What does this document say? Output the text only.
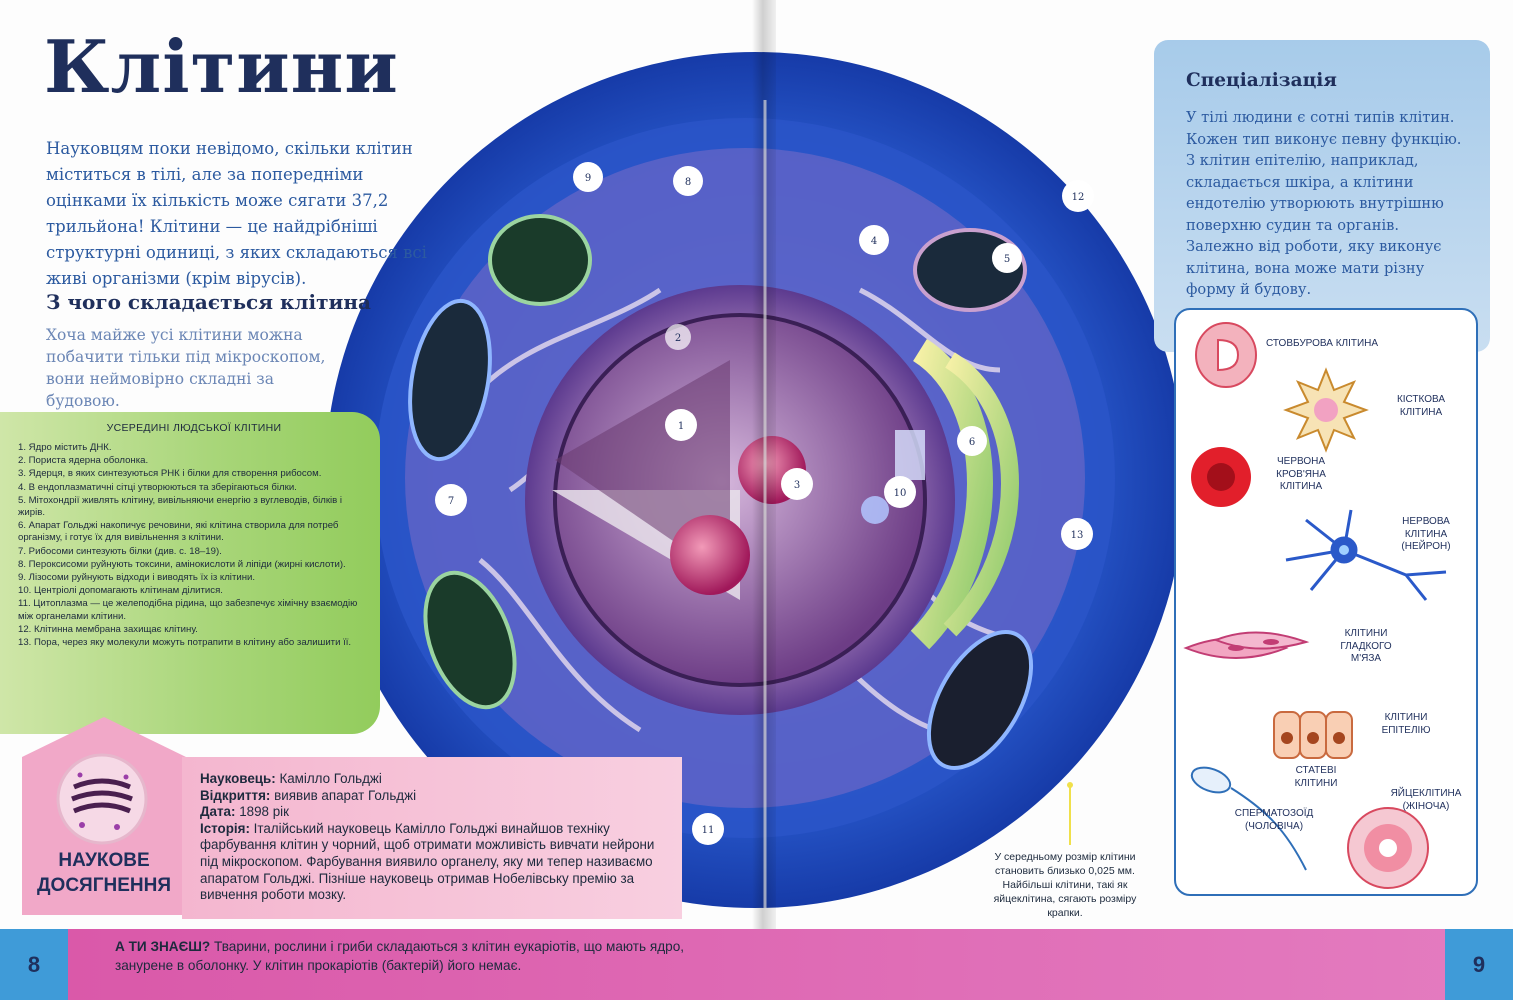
1
2
3
4
5
6
7
8
9
10
11
12
13
Клітини
Науковцям поки невідомо, скільки клітин міститься в тілі, але за попередніми оцінками їх кількість може сягати 37,2 трильйона! Клітини — це найдрібніші структурні одиниці, з яких складаються всі живі організми (крім вірусів).
З чого складається клітина
Хоча майже усі клітини можна побачити тільки під мікроскопом, вони неймовірно складні за будовою.
УСЕРЕДИНІ ЛЮДСЬКОЇ КЛІТИНИ
1. Ядро містить ДНК.
2. Пориста ядерна оболонка.
3. Ядерця, в яких синтезуються РНК і білки для створення рибосом.
4. В ендоплазматичні сітці утворюються та зберігаються білки.
5. Мітохондрії живлять клітину, вивільняючи енергію з вуглеводів, білків і жирів.
6. Апарат Гольджі накопичує речовини, які клітина створила для потреб організму, і готує їх для вивільнення з клітини.
7. Рибосоми синтезують білки (див. с. 18–19).
8. Пероксисоми руйнують токсини, амінокислоти й ліпіди (жирні кислоти).
9. Лізосоми руйнують відходи і виводять їх із клітини.
10. Центріолі допомагають клітинам ділитися.
11. Цитоплазма — це желеподібна рідина, що забезпечує хімічну взаємодію між органелами клітини.
12. Клітинна мембрана захищає клітину.
13. Пора, через яку молекули можуть потрапити в клітину або залишити її.
НАУКОВЕ
ДОСЯГНЕННЯ
Науковець: Камілло Гольджі
Відкриття: виявив апарат Гольджі
Дата: 1898 рік
Історія: Італійський науковець Камілло Гольджі винайшов техніку фарбування клітин у чорний, щоб отримати можливість вивчати нейрони під мікроскопом. Фарбування виявило органелу, яку ми тепер називаємо апаратом Гольджі. Пізніше науковець отримав Нобелівську премію за вивчення роботи мозку.
Спеціалізація

У тілі людини є сотні типів клітин. Кожен тип виконує певну функцію. З клітин епітелію, наприклад, складається шкіра, а клітини ендотелію утворюють внутрішню поверхню судин та органів. Залежно від роботи, яку виконує клітина, вона може мати різну форму й будову.

СТОВБУРОВА КЛІТИНА
КІСТКОВА
КЛІТИНА
ЧЕРВОНА
КРОВ'ЯНА
КЛІТИНА
НЕРВОВА
КЛІТИНА
(НЕЙРОН)
КЛІТИНИ
ГЛАДКОГО
М'ЯЗА
КЛІТИНИ
ЕПІТЕЛІЮ
СТАТЕВІ
КЛІТИНИ
ЯЙЦЕКЛІТИНА
(ЖІНОЧА)
СПЕРМАТОЗОЇД
(ЧОЛОВІЧА)
У середньому розмір клітини становить близько 0,025 мм. Найбільші клітини, такі як яйцеклітина, сягають розміру крапки.
8	9
А ТИ ЗНАЄШ? Тварини, рослини і гриби складаються з клітин еукаріотів, що мають ядро, занурене в оболонку. У клітин прокаріотів (бактерій) його немає.
